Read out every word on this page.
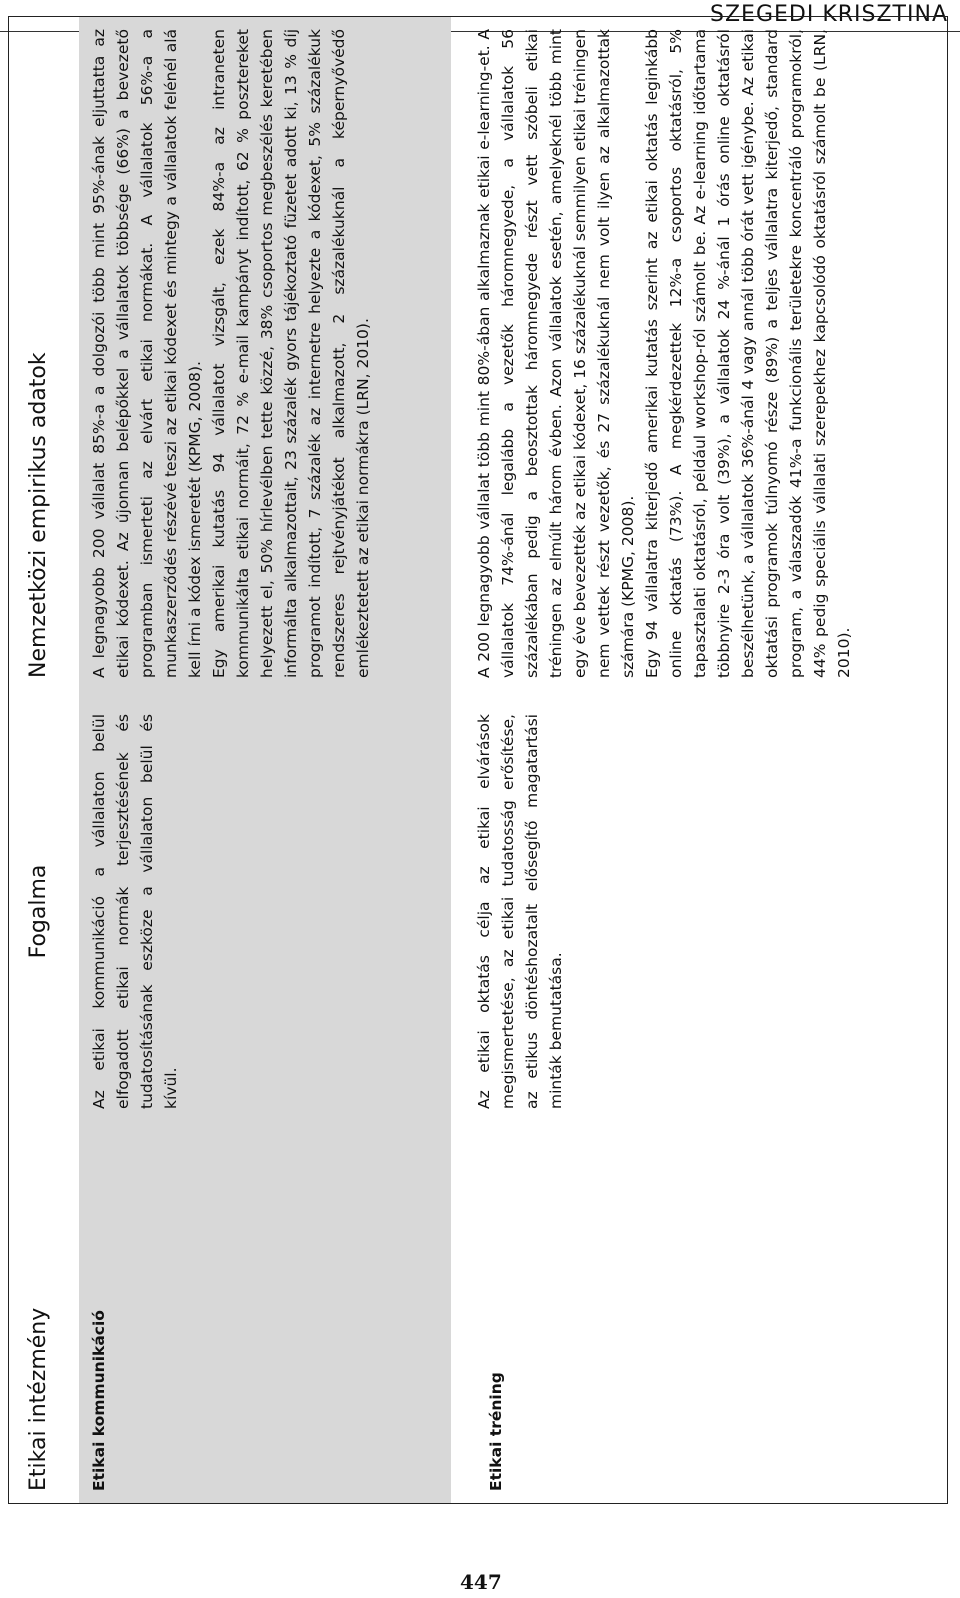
SZEGEDI KRISZTINA
Etikai intézmény
Fogalma
Nemzetközi empirikus adatok
Etikai kommunikáció
Az etikai kommunikáció a vállalaton belül elfogadott etikai normák terjesztésének és tudatosításának eszköze a vállalaton belül és kívül.

A legnagyobb 200 vállalat 85%-a a dolgozói több mint 95%-ának eljuttatta az etikai kódexet. Az újonnan belépőkkel a vállalatok többsége (66%) a bevezető programban ismerteti az elvárt etikai normákat. A vállalatok 56%-a a munkaszerződés részévé teszi az etikai kódexet és mintegy a vállalatok felénél alá kell írni a kódex ismeretét (KPMG, 2008). Egy amerikai kutatás 94 vállalatot vizsgált, ezek 84%-a az intraneten kommunikálta etikai normáit, 72 % e-mail kampányt indított, 62 % posztereket helyezett el, 50% hírlevélben tette közzé, 38% csoportos megbeszélés keretében informálta alkalmazottait, 23 százalék gyors tájékoztató füzetet adott ki, 13 % díj programot indított, 7 százalék az internetre helyezte a kódexet, 5% százalékuk rendszeres rejtvényjátékot alkalmazott, 2 százalékuknál a képernyővédő emlékeztetett az etikai normákra (LRN, 2010).

Etikai tréning
Az etikai oktatás célja az etikai elvárások megismertetése, az etikai tudatosság erősítése, az etikus döntéshozatalt elősegítő magatartási minták bemutatása.

A 200 legnagyobb vállalat több mint 80%-ában alkalmaznak etikai e-learning-et. A vállalatok 74%-ánál legalább a vezetők háromnegyede, a vállalatok 56 százalékában pedig a beosztottak háromnegyede részt vett szóbeli etikai tréningen az elmúlt három évben. Azon vállalatok esetén, amelyeknél több mint egy éve bevezették az etikai kódexet, 16 százalékuknál semmilyen etikai tréningen nem vettek részt vezetők, és 27 százalékuknál nem volt ilyen az alkalmazottak számára (KPMG, 2008). Egy 94 vállalatra kiterjedő amerikai kutatás szerint az etikai oktatás leginkább online oktatás (73%). A megkérdezettek 12%-a csoportos oktatásról, 5% tapasztalati oktatásról, például workshop-ról számolt be. Az e-learning időtartama többnyire 2-3 óra volt (39%), a vállalatok 24 %-ánál 1 órás online oktatásról beszélhetünk, a vállalatok 36%-ánál 4 vagy annál több órát vett igénybe. Az etikai oktatási programok túlnyomó része (89%) a teljes vállalatra kiterjedő, standard program, a válaszadók 41%-a funkcionális területekre koncentráló programokról, 44% pedig speciális vállalati szerepekhez kapcsolódó oktatásról számolt be (LRN, 2010).

447
